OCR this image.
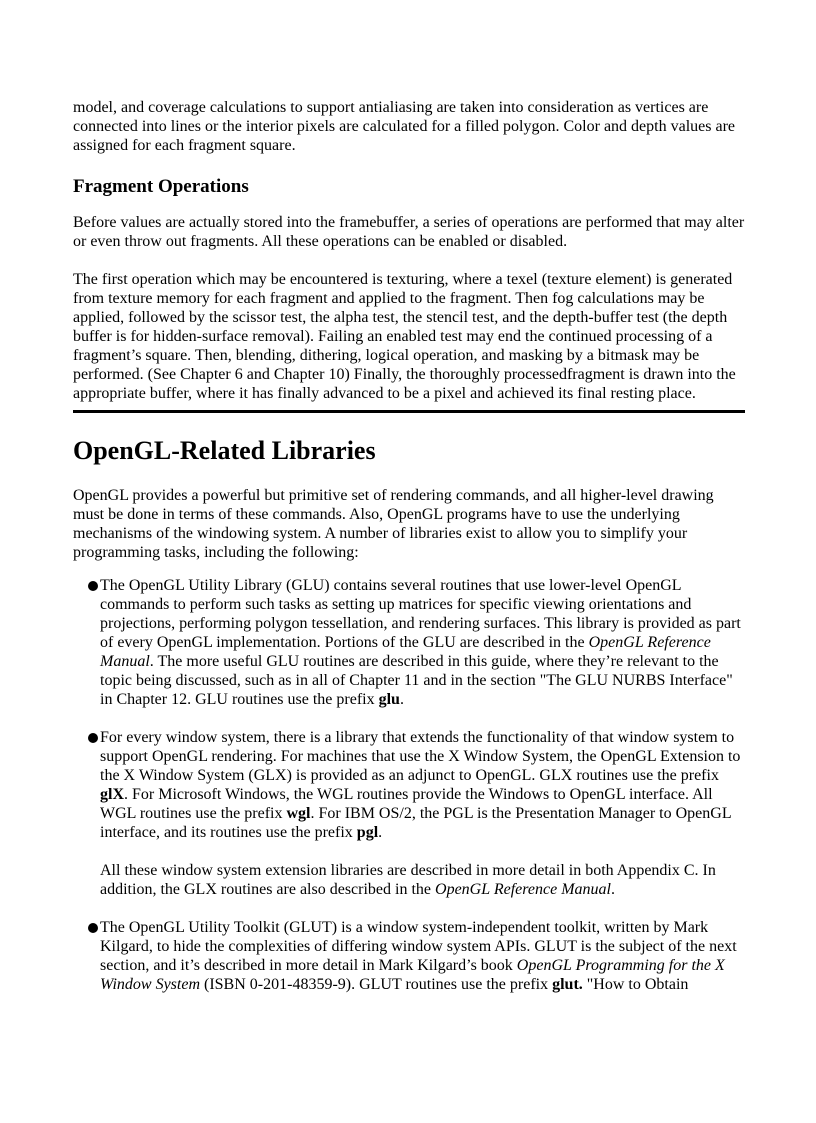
model, and coverage calculations to support antialiasing are taken into consideration as vertices are connected into lines or the interior pixels are calculated for a filled polygon. Color and depth values are assigned for each fragment square.

Fragment Operations

Before values are actually stored into the framebuffer, a series of operations are performed that may alter or even throw out fragments. All these operations can be enabled or disabled.

The first operation which may be encountered is texturing, where a texel (texture element) is generated from texture memory for each fragment and applied to the fragment. Then fog calculations may be applied, followed by the scissor test, the alpha test, the stencil test, and the depth-buffer test (the depth buffer is for hidden-surface removal). Failing an enabled test may end the continued processing of a fragment’s square. Then, blending, dithering, logical operation, and masking by a bitmask may be performed. (See Chapter 6 and Chapter 10) Finally, the thoroughly processedfragment is drawn into the appropriate buffer, where it has finally advanced to be a pixel and achieved its final resting place.

OpenGL-Related Libraries

OpenGL provides a powerful but primitive set of rendering commands, and all higher-level drawing must be done in terms of these commands. Also, OpenGL programs have to use the underlying mechanisms of the windowing system. A number of libraries exist to allow you to simplify your programming tasks, including the following:

The OpenGL Utility Library (GLU) contains several routines that use lower-level OpenGL commands to perform such tasks as setting up matrices for specific viewing orientations and projections, performing polygon tessellation, and rendering surfaces. This library is provided as part of every OpenGL implementation. Portions of the GLU are described in the OpenGL Reference Manual. The more useful GLU routines are described in this guide, where they’re relevant to the topic being discussed, such as in all of Chapter 11 and in the section "The GLU NURBS Interface" in Chapter 12. GLU routines use the prefix glu.
For every window system, there is a library that extends the functionality of that window system to support OpenGL rendering. For machines that use the X Window System, the OpenGL Extension to the X Window System (GLX) is provided as an adjunct to OpenGL. GLX routines use the prefix glX. For Microsoft Windows, the WGL routines provide the Windows to OpenGL interface. All WGL routines use the prefix wgl. For IBM OS/2, the PGL is the Presentation Manager to OpenGL interface, and its routines use the prefix pgl.
All these window system extension libraries are described in more detail in both Appendix C. In addition, the GLX routines are also described in the OpenGL Reference Manual.
The OpenGL Utility Toolkit (GLUT) is a window system-independent toolkit, written by Mark Kilgard, to hide the complexities of differing window system APIs. GLUT is the subject of the next section, and it’s described in more detail in Mark Kilgard’s book OpenGL Programming for the X Window System (ISBN 0-201-48359-9). GLUT routines use the prefix glut. "How to Obtain
